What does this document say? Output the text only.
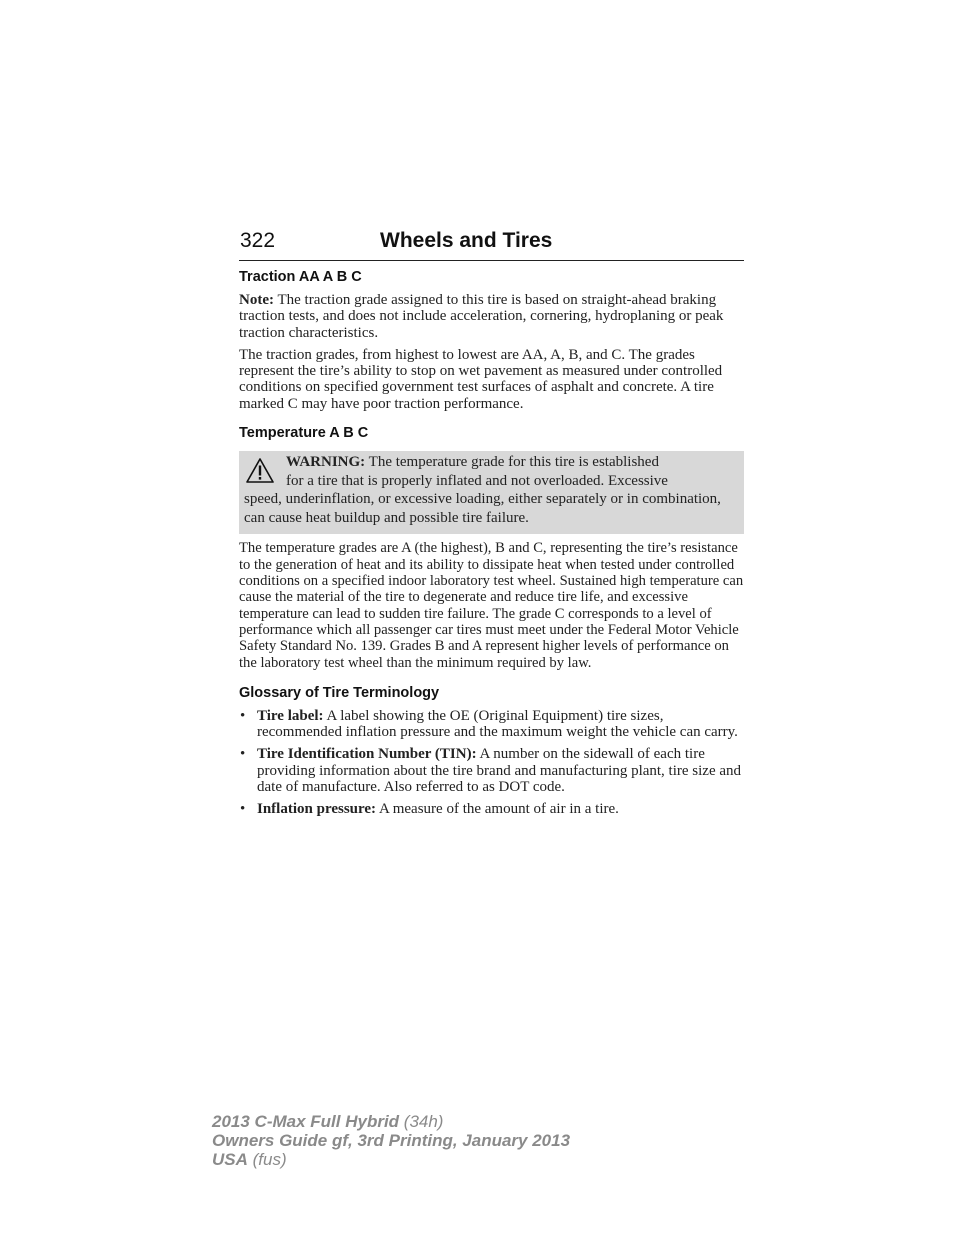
322	Wheels and Tires
Traction AA A B C

Note: The traction grade assigned to this tire is based on straight-ahead braking traction tests, and does not include acceleration, cornering, hydroplaning or peak traction characteristics.

The traction grades, from highest to lowest are AA, A, B, and C. The grades represent the tire’s ability to stop on wet pavement as measured under controlled conditions on specified government test surfaces of asphalt and concrete. A tire marked C may have poor traction performance.

Temperature A B C

WARNING: The temperature grade for this tire is established

for a tire that is properly inflated and not overloaded. Excessive

speed, underinflation, or excessive loading, either separately or in combination, can cause heat buildup and possible tire failure.

The temperature grades are A (the highest), B and C, representing the tire’s resistance to the generation of heat and its ability to dissipate heat when tested under controlled conditions on a specified indoor laboratory test wheel. Sustained high temperature can cause the material of the tire to degenerate and reduce tire life, and excessive temperature can lead to sudden tire failure. The grade C corresponds to a level of performance which all passenger car tires must meet under the Federal Motor Vehicle Safety Standard No. 139. Grades B and A represent higher levels of performance on the laboratory test wheel than the minimum required by law.

Glossary of Tire Terminology
• Tire label: A label showing the OE (Original Equipment) tire sizes, recommended inflation pressure and the maximum weight the vehicle can carry.
• Tire Identification Number (TIN): A number on the sidewall of each tire providing information about the tire brand and manufacturing plant, tire size and date of manufacture. Also referred to as DOT code.
• Inflation pressure: A measure of the amount of air in a tire.
2013 C-Max Full Hybrid (34h)
Owners Guide gf, 3rd Printing, January 2013
USA (fus)
